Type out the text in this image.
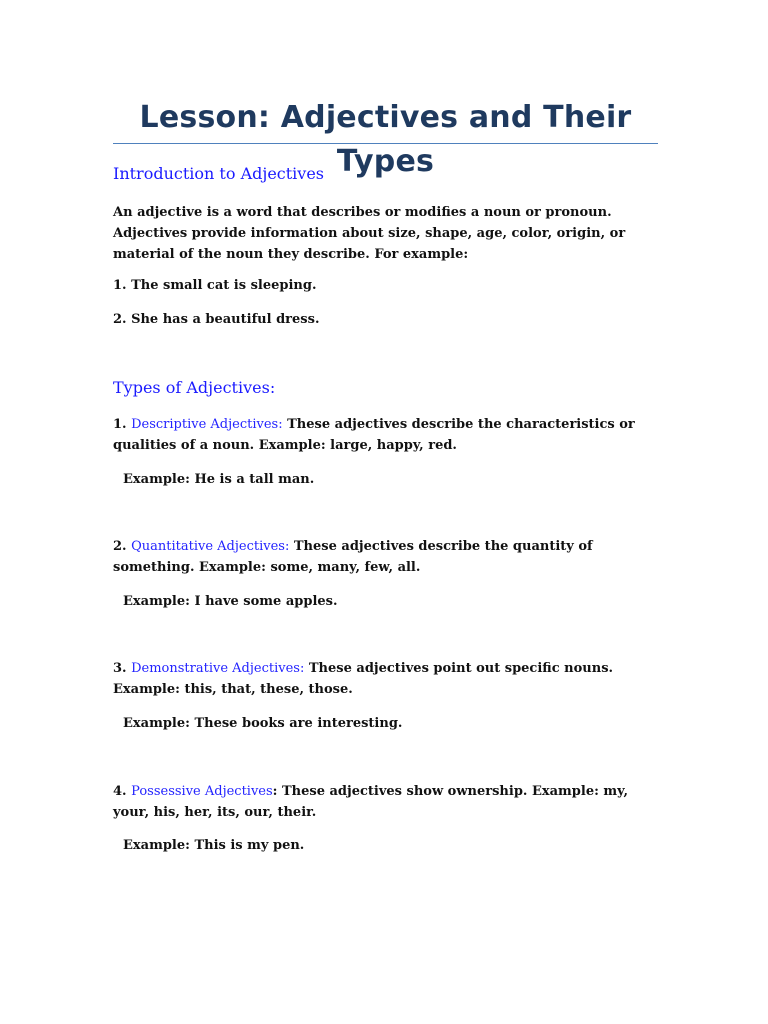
Lesson: Adjectives and Their Types
Introduction to Adjectives

An adjective is a word that describes or modifies a noun or pronoun. Adjectives provide information about size, shape, age, color, origin, or material of the noun they describe. For example:

1. The small cat is sleeping.

2. She has a beautiful dress.

Types of Adjectives:

1. Descriptive Adjectives: These adjectives describe the characteristics or qualities of a noun. Example: large, happy, red.

Example: He is a tall man.

2. Quantitative Adjectives: These adjectives describe the quantity of something. Example: some, many, few, all.

Example: I have some apples.

3. Demonstrative Adjectives: These adjectives point out specific nouns. Example: this, that, these, those.

Example: These books are interesting.

4. Possessive Adjectives: These adjectives show ownership. Example: my, your, his, her, its, our, their.

Example: This is my pen.
